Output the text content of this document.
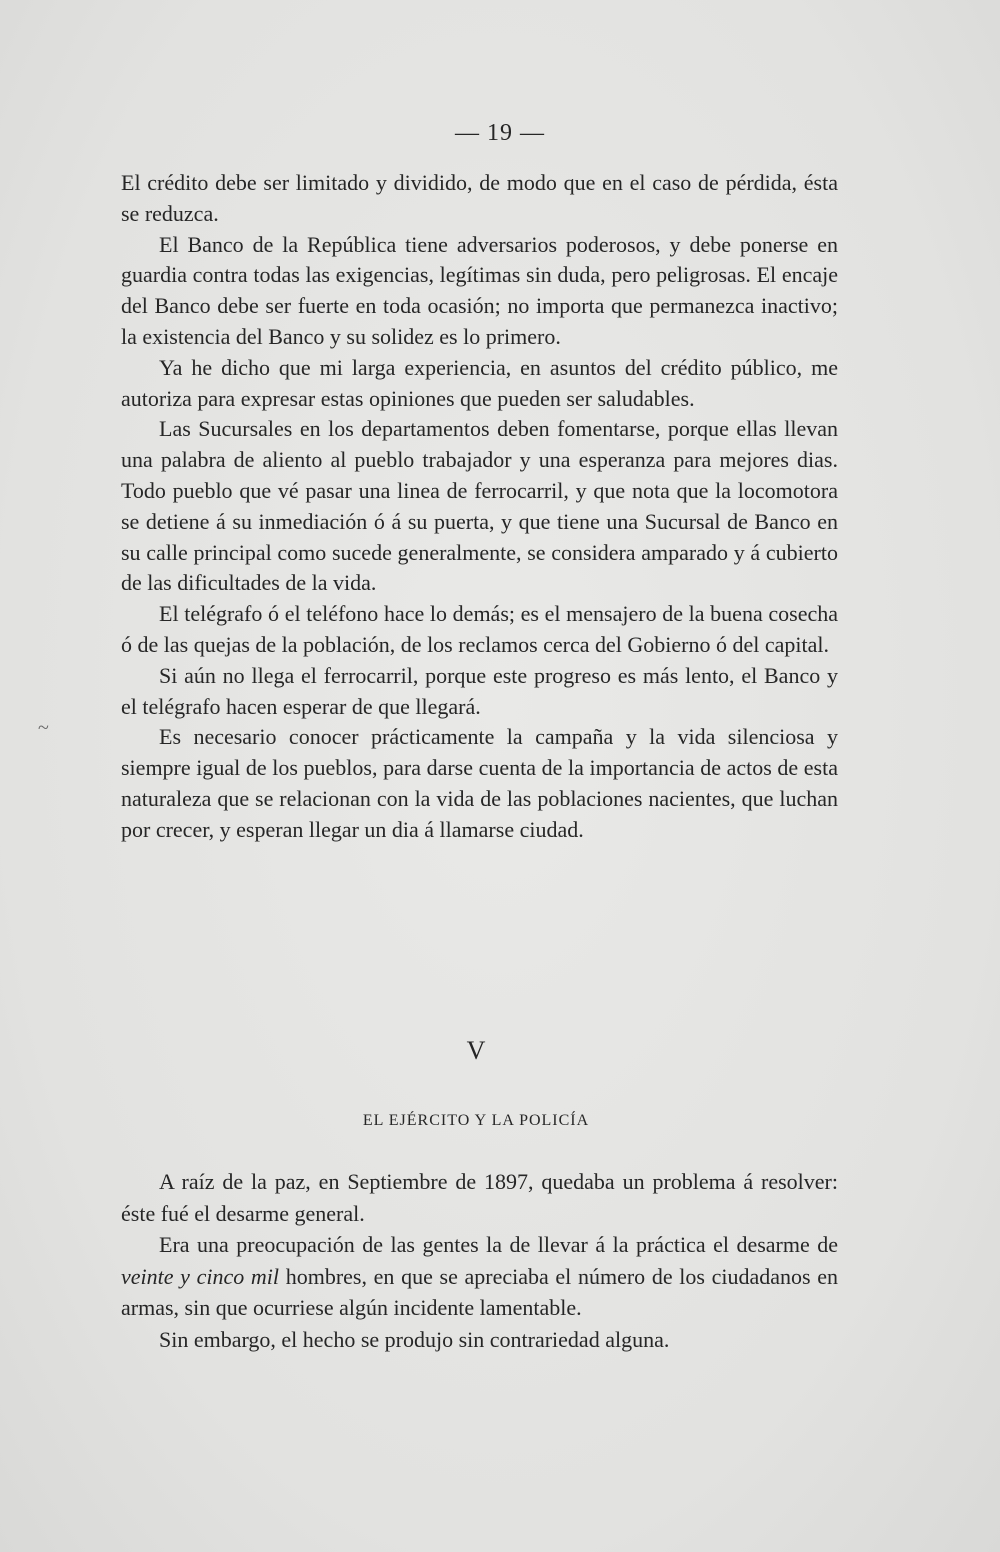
— 19 —

El crédito debe ser limitado y dividido, de modo que en el caso de pérdida, ésta se reduzca.

El Banco de la República tiene adversarios poderosos, y debe ponerse en guardia contra todas las exigencias, legítimas sin duda, pero peligrosas. El encaje del Banco debe ser fuerte en toda ocasión; no importa que permanezca inactivo; la existencia del Banco y su solidez es lo primero.

Ya he dicho que mi larga experiencia, en asuntos del crédito público, me autoriza para expresar estas opiniones que pueden ser saludables.

Las Sucursales en los departamentos deben fomentarse, porque ellas llevan una palabra de aliento al pueblo trabajador y una esperanza para mejores dias. Todo pueblo que vé pasar una linea de ferrocarril, y que nota que la locomotora se detiene á su inmediación ó á su puerta, y que tiene una Sucursal de Banco en su calle principal como sucede generalmente, se considera amparado y á cubierto de las dificultades de la vida.

El telégrafo ó el teléfono hace lo demás; es el mensajero de la buena cosecha ó de las quejas de la población, de los reclamos cerca del Gobierno ó del capital.

Si aún no llega el ferrocarril, porque este progreso es más lento, el Banco y el telégrafo hacen esperar de que llegará.

Es necesario conocer prácticamente la campaña y la vida silenciosa y siempre igual de los pueblos, para darse cuenta de la importancia de actos de esta naturaleza que se relacionan con la vida de las poblaciones nacientes, que luchan por crecer, y esperan llegar un dia á llamarse ciudad.

~
V
EL EJÉRCITO Y LA POLICÍA

A raíz de la paz, en Septiembre de 1897, quedaba un problema á resolver: éste fué el desarme general.

Era una preocupación de las gentes la de llevar á la práctica el desarme de veinte y cinco mil hombres, en que se apreciaba el número de los ciudadanos en armas, sin que ocurriese algún incidente lamentable.

Sin embargo, el hecho se produjo sin contrariedad alguna.
